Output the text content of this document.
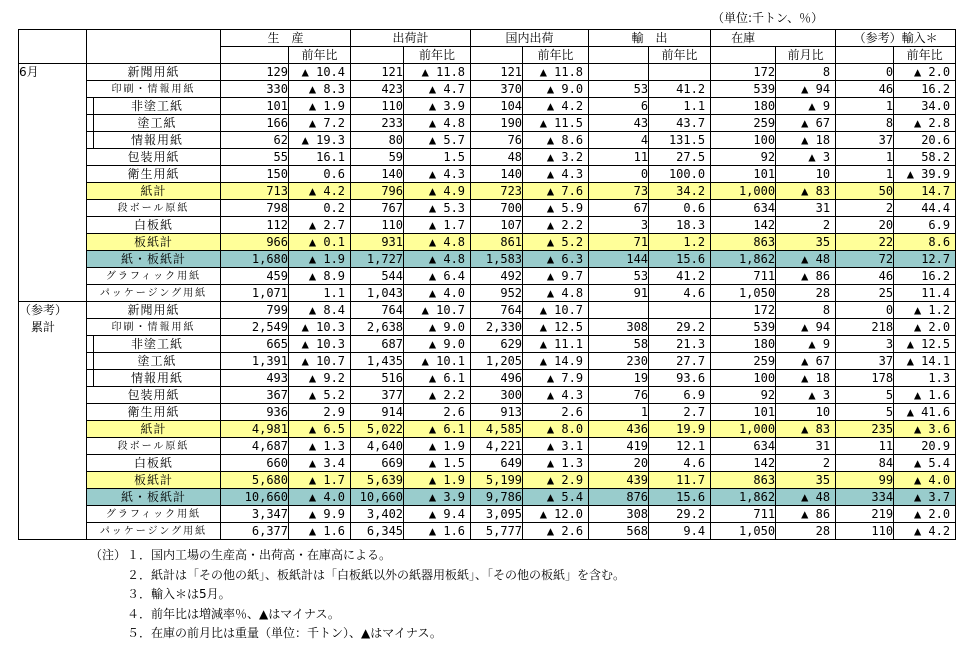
（単位:千トン、％）
		生　産		出荷計		国内出荷		輸　出		在庫		（参考）輸入＊	
			前年比		前年比		前年比		前年比		前月比		前年比

6月	新聞用紙	129	▲ 10.4	121	▲ 11.8	121	▲ 11.8			172	8	0	▲ 2.0
	印刷・情報用紙	330	▲ 8.3	423	▲ 4.7	370	▲ 9.0	53	41.2	539	▲ 94	46	16.2
	非塗工紙	101	▲ 1.9	110	▲ 3.9	104	▲ 4.2	6	1.1	180	▲ 9	1	34.0
	塗工紙	166	▲ 7.2	233	▲ 4.8	190	▲ 11.5	43	43.7	259	▲ 67	8	▲ 2.8
	情報用紙	62	▲ 19.3	80	▲ 5.7	76	▲ 8.6	4	131.5	100	▲ 18	37	20.6
	包装用紙	55	16.1	59	1.5	48	▲ 3.2	11	27.5	92	▲ 3	1	58.2
	衛生用紙	150	0.6	140	▲ 4.3	140	▲ 4.3	0	100.0	101	10	1	▲ 39.9
	紙計	713	▲ 4.2	796	▲ 4.9	723	▲ 7.6	73	34.2	1,000	▲ 83	50	14.7
	段ボール原紙	798	0.2	767	▲ 5.3	700	▲ 5.9	67	0.6	634	31	2	44.4
	白板紙	112	▲ 2.7	110	▲ 1.7	107	▲ 2.2	3	18.3	142	2	20	6.9
	板紙計	966	▲ 0.1	931	▲ 4.8	861	▲ 5.2	71	1.2	863	35	22	8.6
	紙・板紙計	1,680	▲ 1.9	1,727	▲ 4.8	1,583	▲ 6.3	144	15.6	1,862	▲ 48	72	12.7
	グラフィック用紙	459	▲ 8.9	544	▲ 6.4	492	▲ 9.7	53	41.2	711	▲ 86	46	16.2
	パッケージング用紙	1,071	1.1	1,043	▲ 4.0	952	▲ 4.8	91	4.6	1,050	28	25	11.4

（参考）
累計	新聞用紙	799	▲ 8.4	764	▲ 10.7	764	▲ 10.7			172	8	0	▲ 1.2
	印刷・情報用紙	2,549	▲ 10.3	2,638	▲ 9.0	2,330	▲ 12.5	308	29.2	539	▲ 94	218	▲ 2.0
	非塗工紙	665	▲ 10.3	687	▲ 9.0	629	▲ 11.1	58	21.3	180	▲ 9	3	▲ 12.5
	塗工紙	1,391	▲ 10.7	1,435	▲ 10.1	1,205	▲ 14.9	230	27.7	259	▲ 67	37	▲ 14.1
	情報用紙	493	▲ 9.2	516	▲ 6.1	496	▲ 7.9	19	93.6	100	▲ 18	178	1.3
	包装用紙	367	▲ 5.2	377	▲ 2.2	300	▲ 4.3	76	6.9	92	▲ 3	5	▲ 1.6
	衛生用紙	936	2.9	914	2.6	913	2.6	1	2.7	101	10	5	▲ 41.6
	紙計	4,981	▲ 6.5	5,022	▲ 6.1	4,585	▲ 8.0	436	19.9	1,000	▲ 83	235	▲ 3.6
	段ボール原紙	4,687	▲ 1.3	4,640	▲ 1.9	4,221	▲ 3.1	419	12.1	634	31	11	20.9
	白板紙	660	▲ 3.4	669	▲ 1.5	649	▲ 1.3	20	4.6	142	2	84	▲ 5.4
	板紙計	5,680	▲ 1.7	5,639	▲ 1.9	5,199	▲ 2.9	439	11.7	863	35	99	▲ 4.0
	紙・板紙計	10,660	▲ 4.0	10,660	▲ 3.9	9,786	▲ 5.4	876	15.6	1,862	▲ 48	334	▲ 3.7
	グラフィック用紙	3,347	▲ 9.9	3,402	▲ 9.4	3,095	▲ 12.0	308	29.2	711	▲ 86	219	▲ 2.0
	パッケージング用紙	6,377	▲ 1.6	6,345	▲ 1.6	5,777	▲ 2.6	568	9.4	1,050	28	110	▲ 4.2
（注） １．国内工場の生産高・出荷高・在庫高による。
２．紙計は「その他の紙」、板紙計は「白板紙以外の紙器用板紙」、「その他の板紙」を含む。
３．輸入＊は5月。
４．前年比は増減率％、▲はマイナス。
５．在庫の前月比は重量（単位：千トン）、▲はマイナス。
